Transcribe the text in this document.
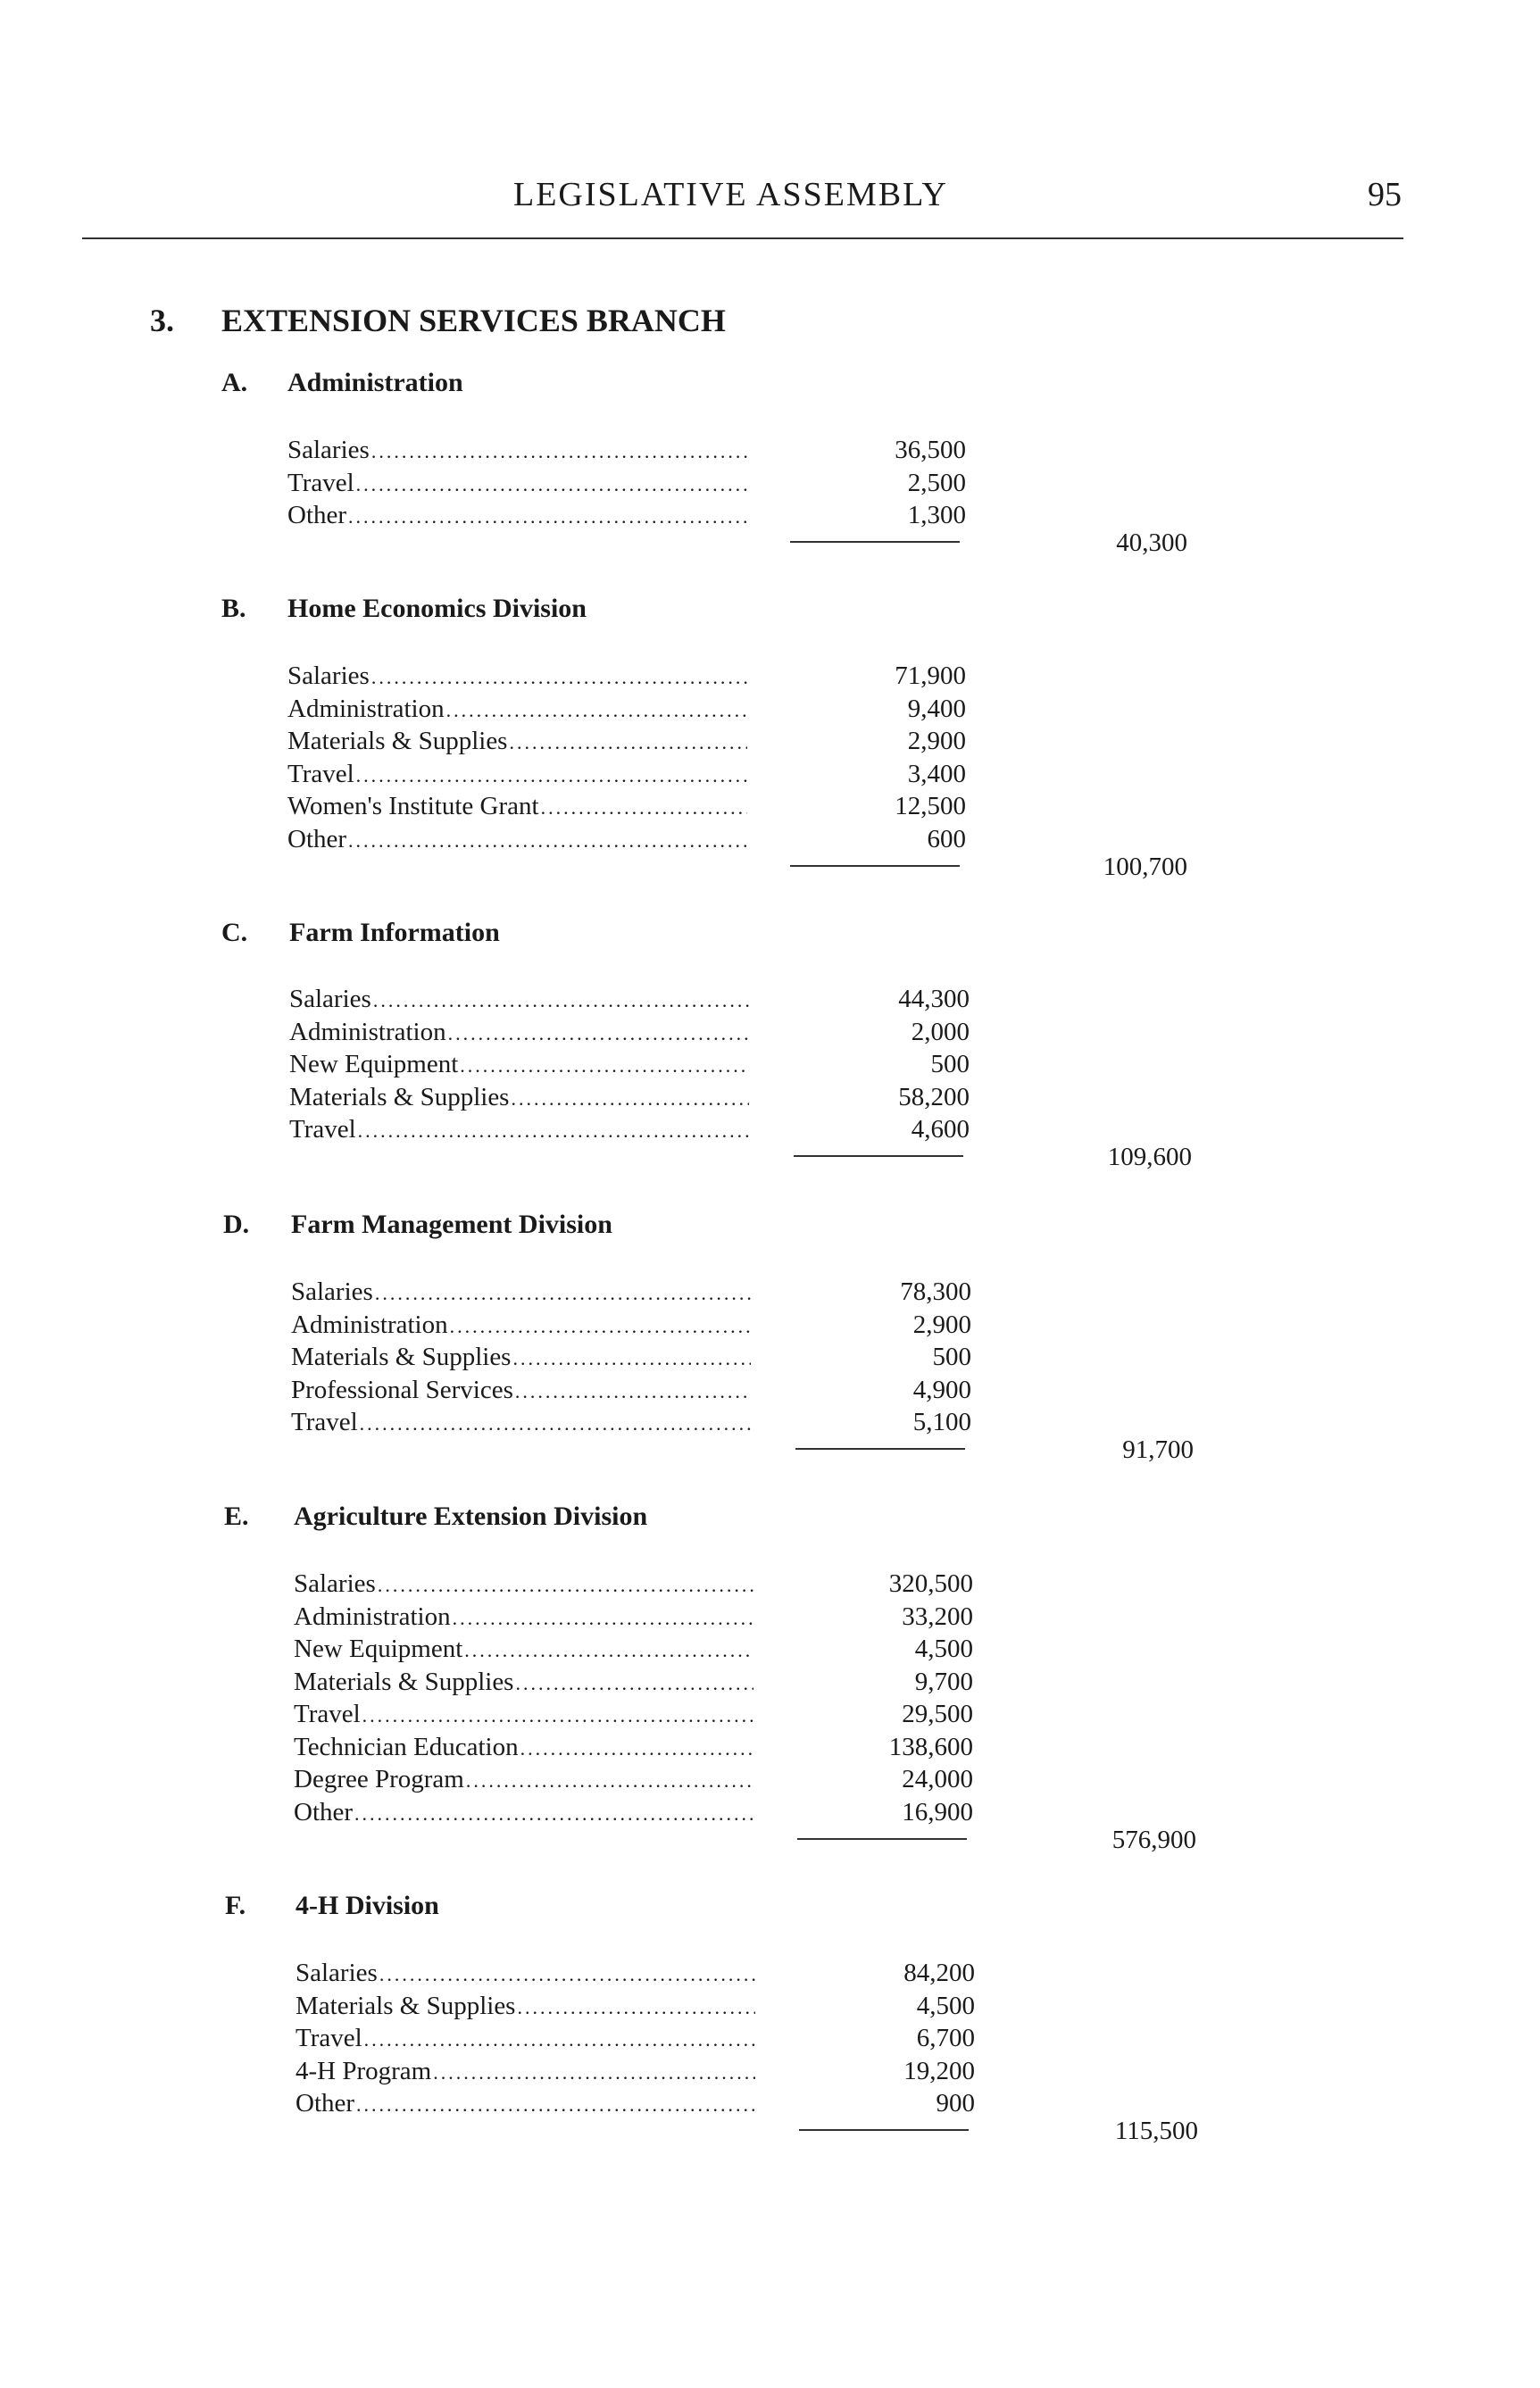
LEGISLATIVE ASSEMBLY	95
3. EXTENSION SERVICES BRANCH
A. Administration
Salaries .....	36,500
Travel .....	2,500
Other .....	1,300
40,300
B. Home Economics Division
Salaries .....	71,900
Administration .....	9,400
Materials & Supplies .....	2,900
Travel .....	3,400
Women's Institute Grant .....	12,500
Other .....	600
100,700
C. Farm Information
Salaries .....	44,300
Administration .....	2,000
New Equipment .....	500
Materials & Supplies .....	58,200
Travel .....	4,600
109,600
D. Farm Management Division
Salaries .....	78,300
Administration .....	2,900
Materials & Supplies .....	500
Professional Services .....	4,900
Travel .....	5,100
91,700
E. Agriculture Extension Division
Salaries .....	320,500
Administration .....	33,200
New Equipment .....	4,500
Materials & Supplies .....	9,700
Travel .....	29,500
Technician Education .....	138,600
Degree Program .....	24,000
Other .....	16,900
576,900
F. 4-H Division
Salaries .....	84,200
Materials & Supplies .....	4,500
Travel .....	6,700
4-H Program .....	19,200
Other .....	900
115,500
